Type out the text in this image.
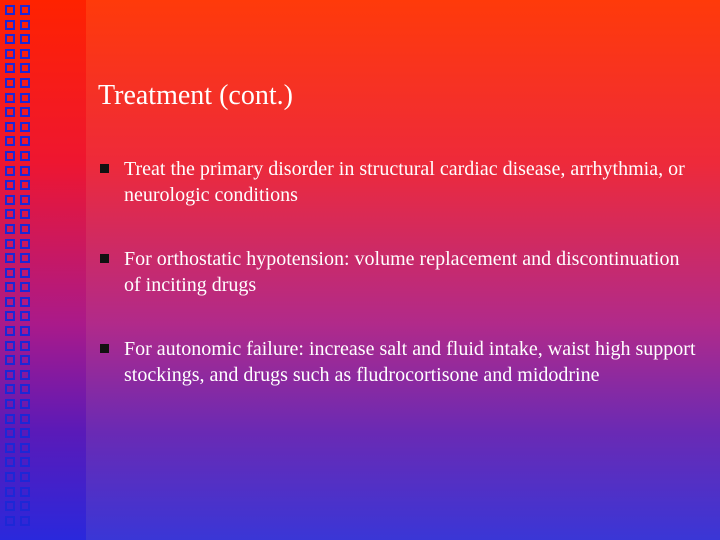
Treatment (cont.)
Treat the primary disorder in structural cardiac disease, arrhythmia, or neurologic conditions
For orthostatic hypotension: volume replacement and discontinuation of inciting drugs
For autonomic failure: increase salt and fluid intake, waist high support stockings, and drugs such as fludrocortisone and midodrine
